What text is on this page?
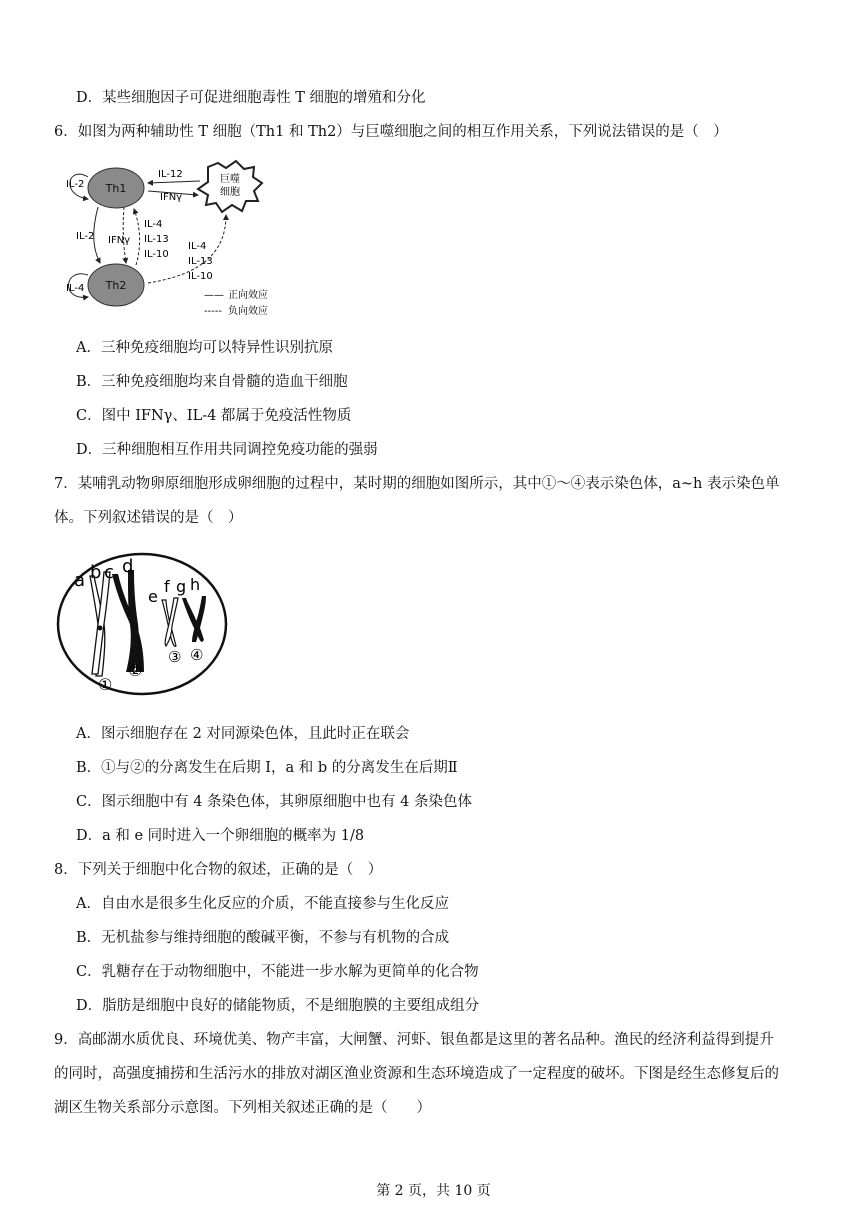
D．某些细胞因子可促进细胞毒性 T 细胞的增殖和分化
6．如图为两种辅助性 T 细胞（Th1 和 Th2）与巨噬细胞之间的相互作用关系，下列说法错误的是（　）
Th1
Th2
巨噬
细胞
IL-2
IL-4
IL-2 IFNγ
IL-4
IL-13
IL-10
IL-12
IFNγ
IL-4
IL-13
IL-10
—— 正向效应
----- 负向效应
A．三种免疫细胞均可以特异性识别抗原
B．三种免疫细胞均来自骨髓的造血干细胞
C．图中 IFNγ、IL-4 都属于免疫活性物质
D．三种细胞相互作用共同调控免疫功能的强弱
7．某哺乳动物卵原细胞形成卵细胞的过程中，某时期的细胞如图所示，其中①～④表示染色体，a~h 表示染色单
体。下列叙述错误的是（　）
a b c d
e
f g h
①
②
③ ④
A．图示细胞存在 2 对同源染色体，且此时正在联会
B．①与②的分离发生在后期 I，a 和 b 的分离发生在后期Ⅱ
C．图示细胞中有 4 条染色体，其卵原细胞中也有 4 条染色体
D．a 和 e 同时进入一个卵细胞的概率为 1/8
8．下列关于细胞中化合物的叙述，正确的是（　）
A．自由水是很多生化反应的介质，不能直接参与生化反应
B．无机盐参与维持细胞的酸碱平衡，不参与有机物的合成
C．乳糖存在于动物细胞中，不能进一步水解为更简单的化合物
D．脂肪是细胞中良好的储能物质，不是细胞膜的主要组成组分
9．高邮湖水质优良、环境优美、物产丰富，大闸蟹、河虾、银鱼都是这里的著名品种。渔民的经济利益得到提升
的同时，高强度捕捞和生活污水的排放对湖区渔业资源和生态环境造成了一定程度的破坏。下图是经生态修复后的
湖区生物关系部分示意图。下列相关叙述正确的是（　　）
第 2 页，共 10 页
